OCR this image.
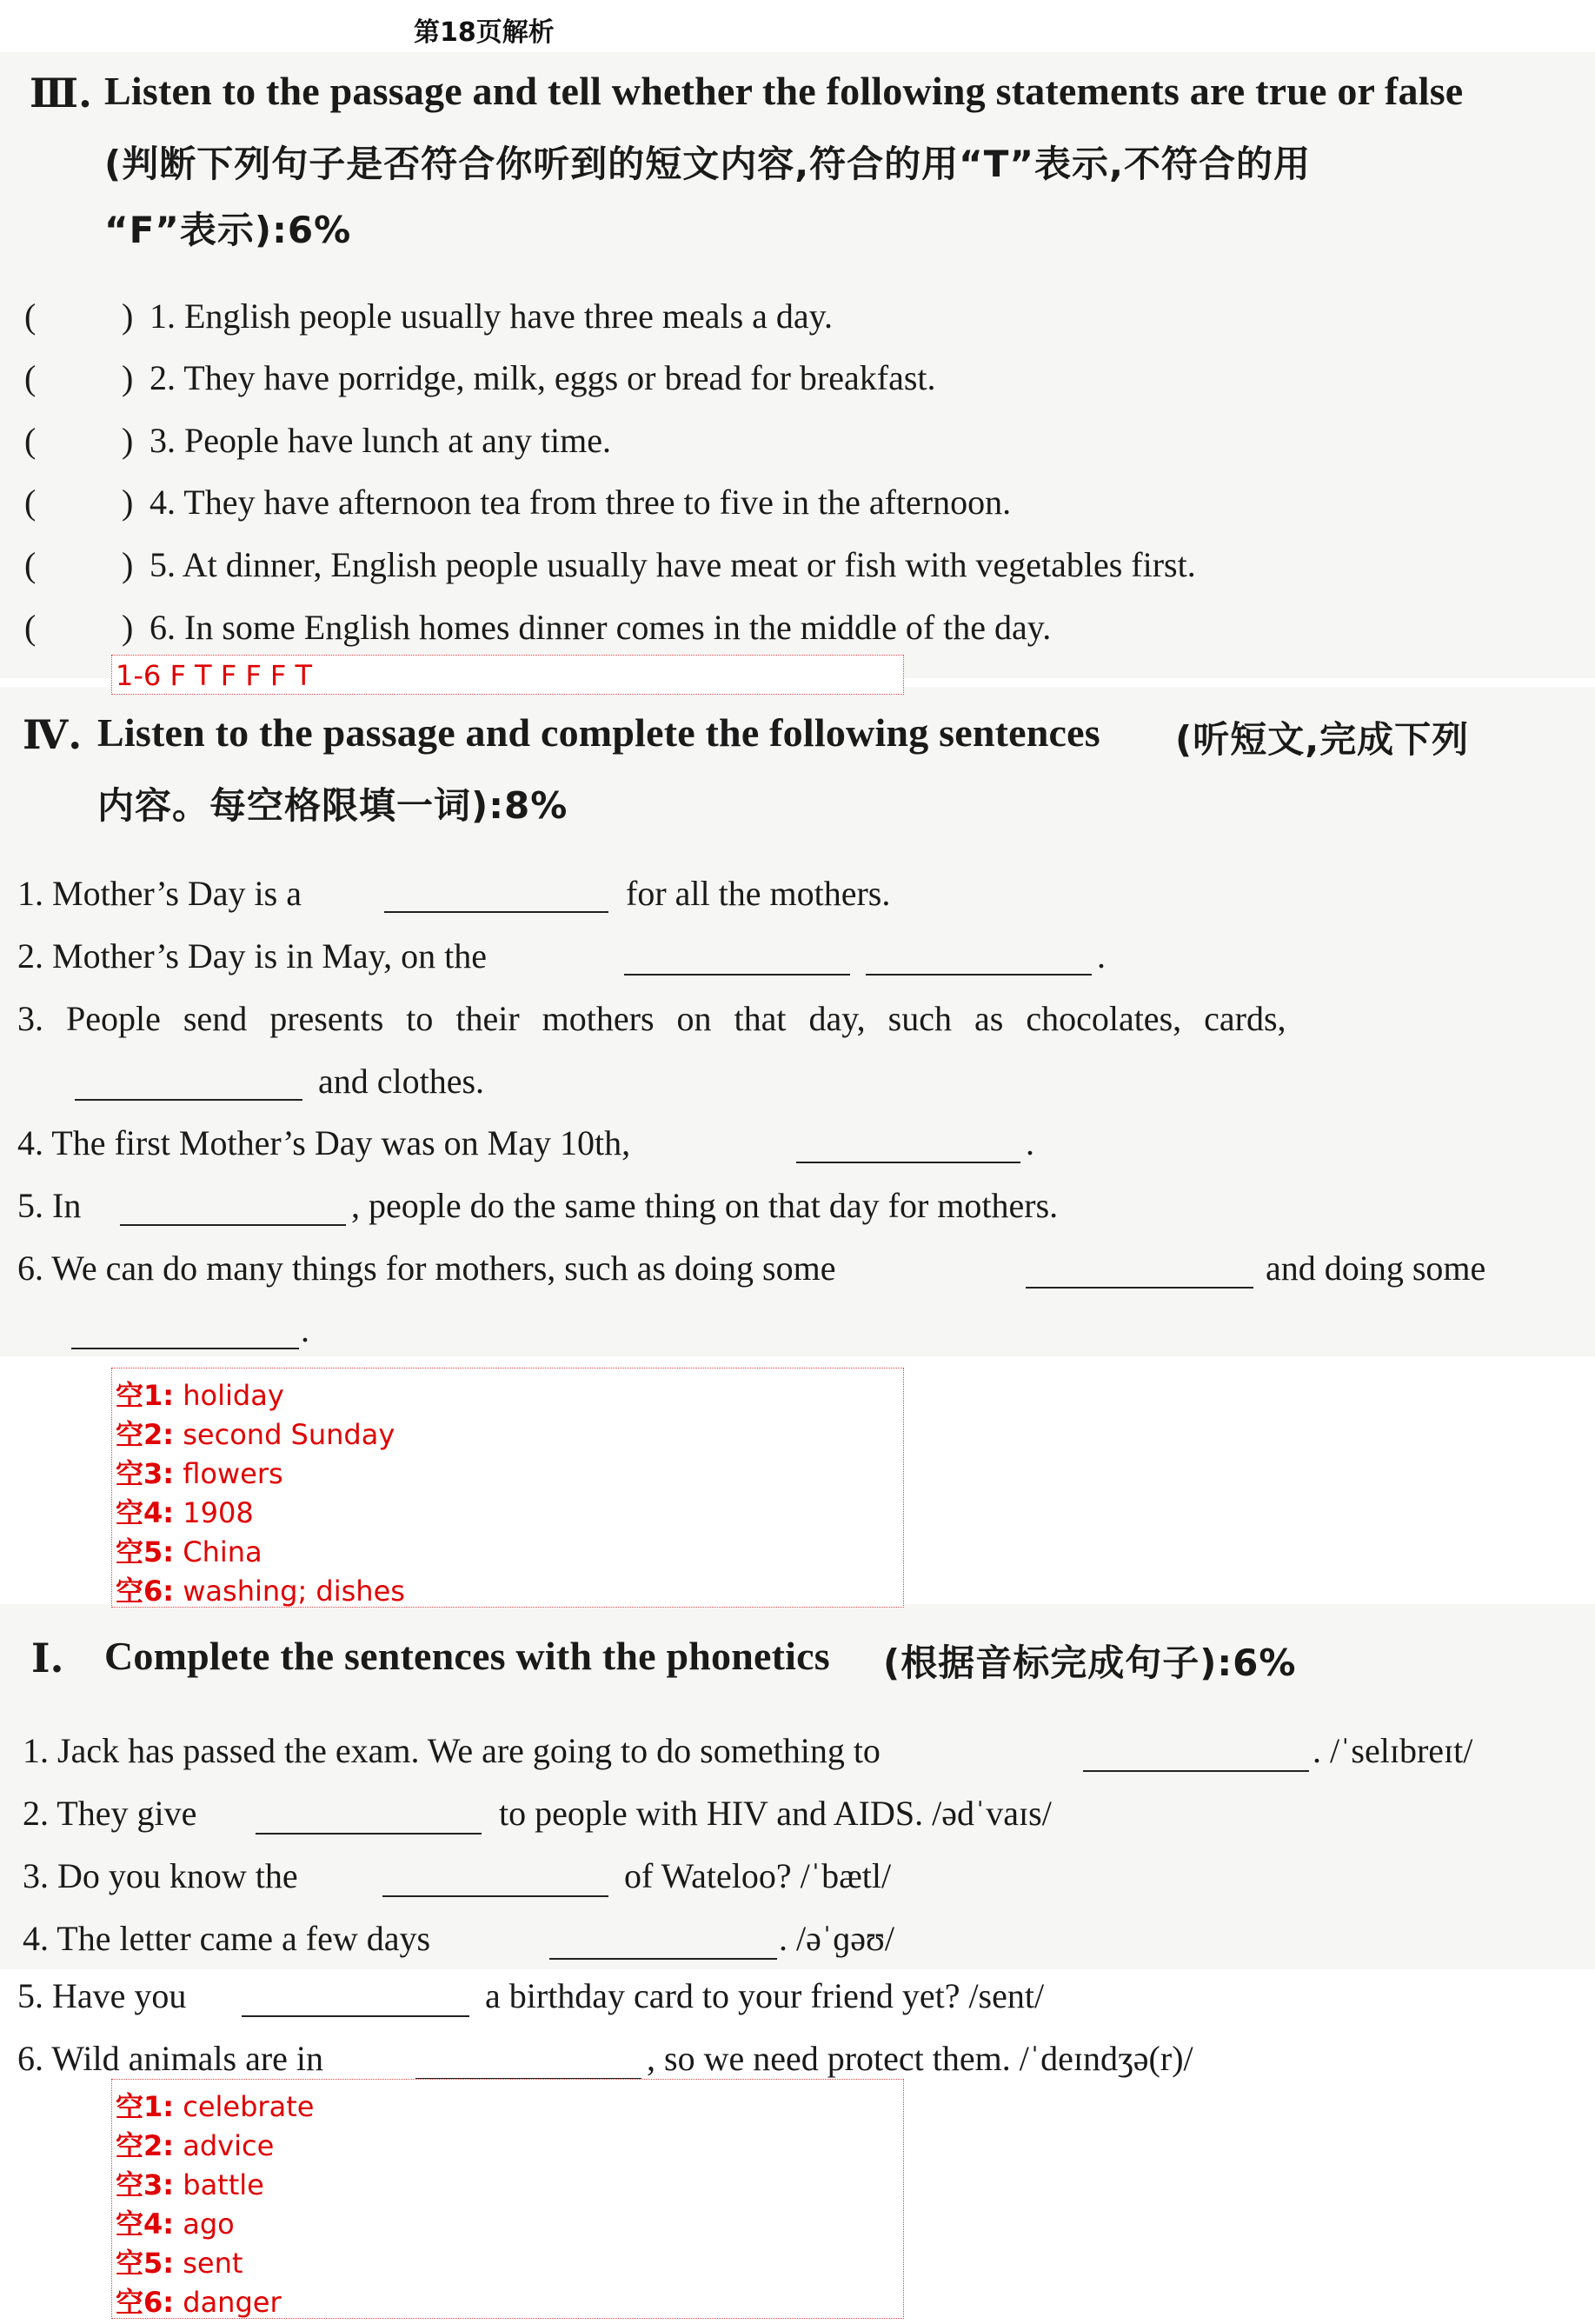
第18页解析
Ⅲ. Listen to the passage and tell whether the following statements are true or false
(判断下列句子是否符合你听到的短文内容,符合的用“T”表示,不符合的用
“F”表示):6%
( ) 1. English people usually have three meals a day.
( ) 2. They have porridge, milk, eggs or bread for breakfast.
( ) 3. People have lunch at any time.
( ) 4. They have afternoon tea from three to five in the afternoon.
( ) 5. At dinner, English people usually have meat or fish with vegetables first.
( ) 6. In some English homes dinner comes in the middle of the day.
1-6 F T F F F T
Ⅳ. Listen to the passage and complete the following sentences (听短文,完成下列
内容。每空格限填一词):8%
1. Mother’s Day is a	for all the mothers.
2. Mother’s Day is in May, on the	.
3. People send presents to their mothers on that day, such as chocolates, cards,
and clothes.
4. The first Mother’s Day was on May 10th,	.
5. In	, people do the same thing on that day for mothers.
6. We can do many things for mothers, such as doing some	and doing some
.
空1: holiday
空2: second Sunday
空3: flowers
空4: 1908
空5: China
空6: washing; dishes
Ⅰ. Complete the sentences with the phonetics (根据音标完成句子):6%
1. Jack has passed the exam. We are going to do something to	. /ˈselɪbreɪt/
2. They give	to people with HIV and AIDS. /ədˈvaɪs/
3. Do you know the	of Wateloo? /ˈbætl/
4. The letter came a few days	. /əˈɡəʊ/
5. Have you	a birthday card to your friend yet? /sent/
6. Wild animals are in	, so we need protect them. /ˈdeɪndʒə(r)/
空1: celebrate
空2: advice
空3: battle
空4: ago
空5: sent
空6: danger
